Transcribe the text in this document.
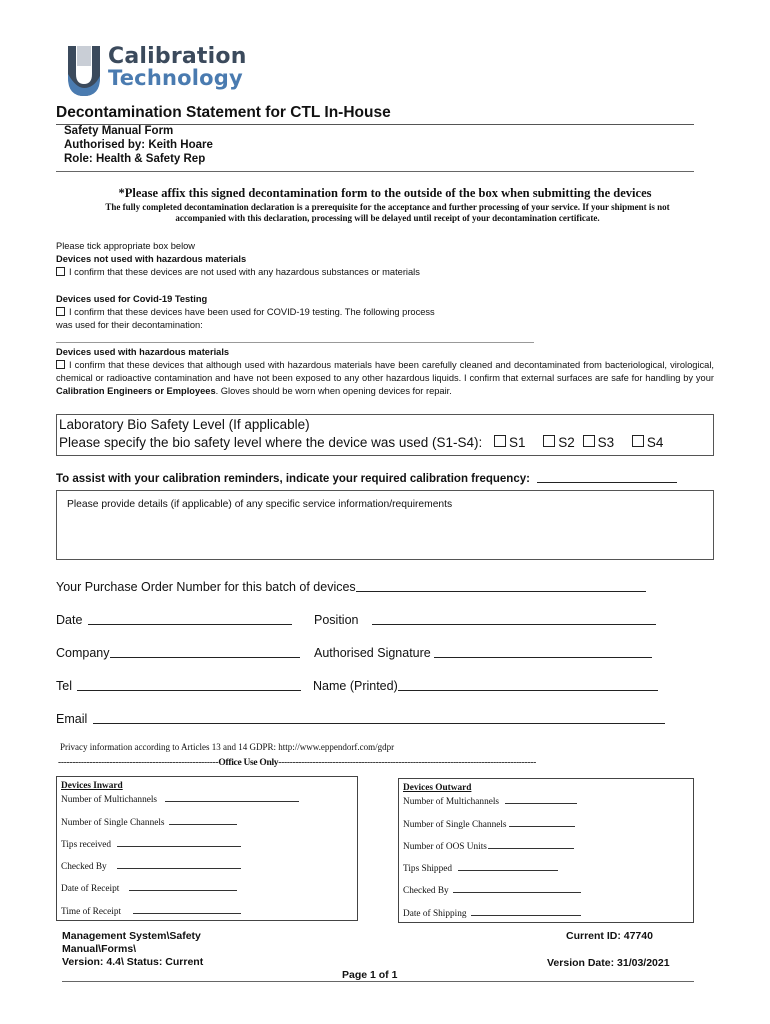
Calibration
Technology
Decontamination Statement for CTL In-House
Safety Manual Form
Authorised by: Keith Hoare
Role: Health & Safety Rep
*Please affix this signed decontamination form to the outside of the box when submitting the devices
The fully completed decontamination declaration is a prerequisite for the acceptance and further processing of your service. If your shipment is not
accompanied with this declaration, processing will be delayed until receipt of your decontamination certificate.
Please tick appropriate box below
Devices not used with hazardous materials
I confirm that these devices are not used with any hazardous substances or materials
Devices used for Covid-19 Testing
I confirm that these devices have been used for COVID-19 testing. The following process
was used for their decontamination:
Devices used with hazardous materials
I confirm that these devices that although used with hazardous materials have been carefully cleaned and decontaminated from bacteriological, virological, chemical or radioactive contamination and have not been exposed to any other hazardous liquids. I confirm that external surfaces are safe for handling by your Calibration Engineers or Employees. Gloves should be worn when opening devices for repair.
Laboratory Bio Safety Level (If applicable)
Please specify the bio safety level where the device was used (S1-S4): S1 S2 S3 S4
To assist with your calibration reminders, indicate your required calibration frequency:
Please provide details (if applicable) of any specific service information/requirements
Your Purchase Order Number for this batch of devices
Date	Position
Company	Authorised Signature
Tel	Name (Printed)
Email
Privacy information according to Articles 13 and 14 GDPR: http://www.eppendorf.com/gdpr
--------------------------------------------------------Office Use Only------------------------------------------------------------------------------------------
Devices Inward
Number of Multichannels
Number of Single Channels
Tips received
Checked By
Date of Receipt
Time of Receipt
Devices Outward
Number of Multichannels
Number of Single Channels
Number of OOS Units
Tips Shipped
Checked By
Date of Shipping
Management System\Safety
Manual\Forms\
Version: 4.4\ Status: Current
Current ID: 47740
Version Date: 31/03/2021
Page 1 of 1
